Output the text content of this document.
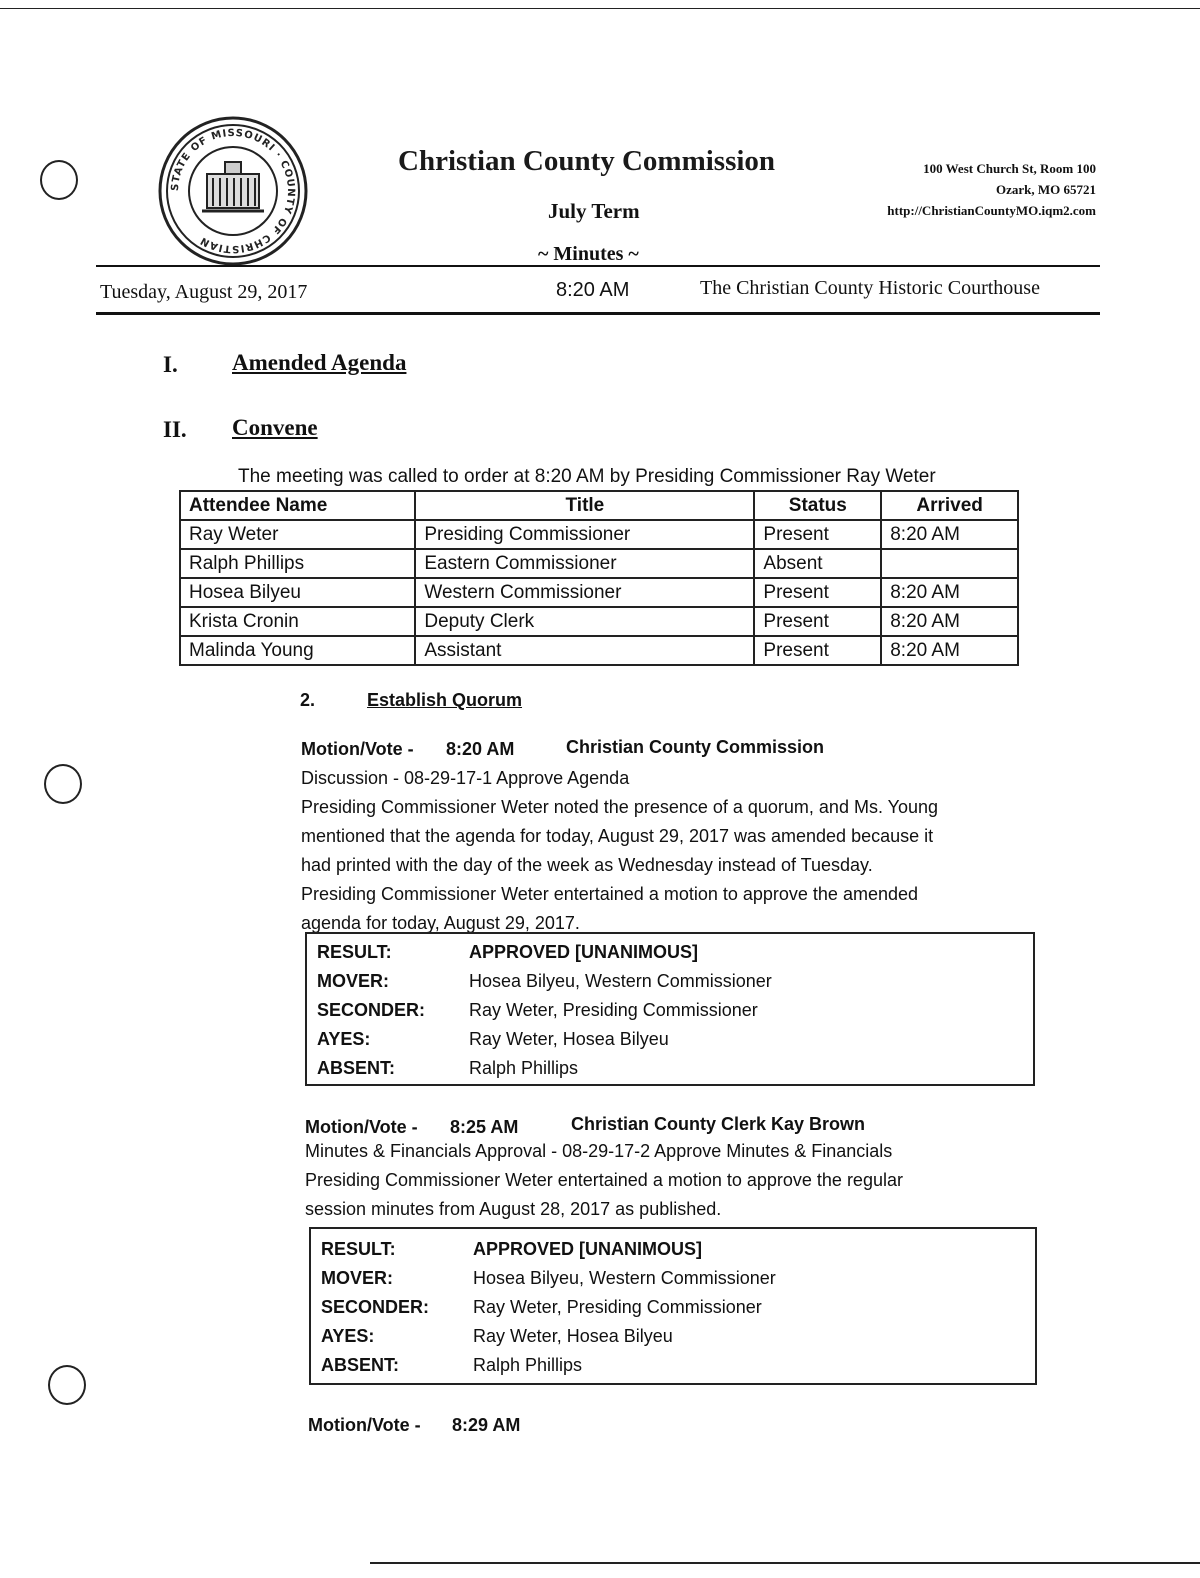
STATE OF MISSOURI · COUNTY OF CHRISTIAN
Christian County Commission
July Term
~ Minutes ~
100 West Church St, Room 100
Ozark, MO 65721
http://ChristianCountyMO.iqm2.com
Tuesday, August 29, 2017	8:20 AM	The Christian County Historic Courthouse
I. Amended Agenda
II. Convene
The meeting was called to order at 8:20 AM by Presiding Commissioner Ray Weter
Attendee Name	Title	Status	Arrived
Ray Weter	Presiding Commissioner	Present	8:20 AM
Ralph Phillips	Eastern Commissioner	Absent	
Hosea Bilyeu	Western Commissioner	Present	8:20 AM
Krista Cronin	Deputy Clerk	Present	8:20 AM
Malinda Young	Assistant	Present	8:20 AM
2.	Establish Quorum
Motion/Vote - 8:20 AM	Christian County Commission
Discussion - 08-29-17-1 Approve Agenda
Presiding Commissioner Weter noted the presence of a quorum, and Ms. Young
mentioned that the agenda for today, August 29, 2017 was amended because it
had printed with the day of the week as Wednesday instead of Tuesday.
Presiding Commissioner Weter entertained a motion to approve the amended
agenda for today, August 29, 2017.
RESULT:	APPROVED [UNANIMOUS]
MOVER:	Hosea Bilyeu, Western Commissioner
SECONDER: Ray Weter, Presiding Commissioner
AYES:	Ray Weter, Hosea Bilyeu
ABSENT:	Ralph Phillips
Motion/Vote - 8:25 AM	Christian County Clerk Kay Brown
Minutes & Financials Approval - 08-29-17-2 Approve Minutes & Financials
Presiding Commissioner Weter entertained a motion to approve the regular
session minutes from August 28, 2017 as published.
RESULT:	APPROVED [UNANIMOUS]
MOVER:	Hosea Bilyeu, Western Commissioner
SECONDER: Ray Weter, Presiding Commissioner
AYES:	Ray Weter, Hosea Bilyeu
ABSENT:	Ralph Phillips
Motion/Vote - 8:29 AM
